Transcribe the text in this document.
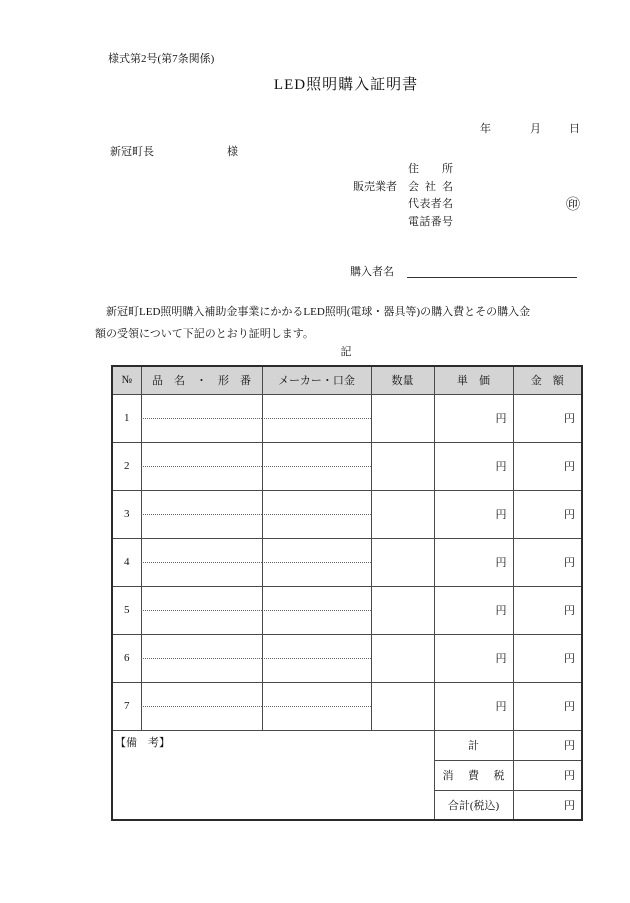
様式第2号(第7条関係)
LED照明購入証明書
年	月	日
新冠町長	様
住所
販売業者 会社名
代表者名	㊞
電話番号
購入者名
新冠町LED照明購入補助金事業にかかるLED照明(電球・器具等)の購入費とその購入金
額の受領について下記のとおり証明します。
記
№	品　名　・　形　番	メーカー・口金	数量	単　価	金　額
1				円	円
2				円	円
3				円	円
4				円	円
5				円	円
6				円	円
7				円	円
【備　考】				計	円
				消費税	円
				合計(税込)	円
